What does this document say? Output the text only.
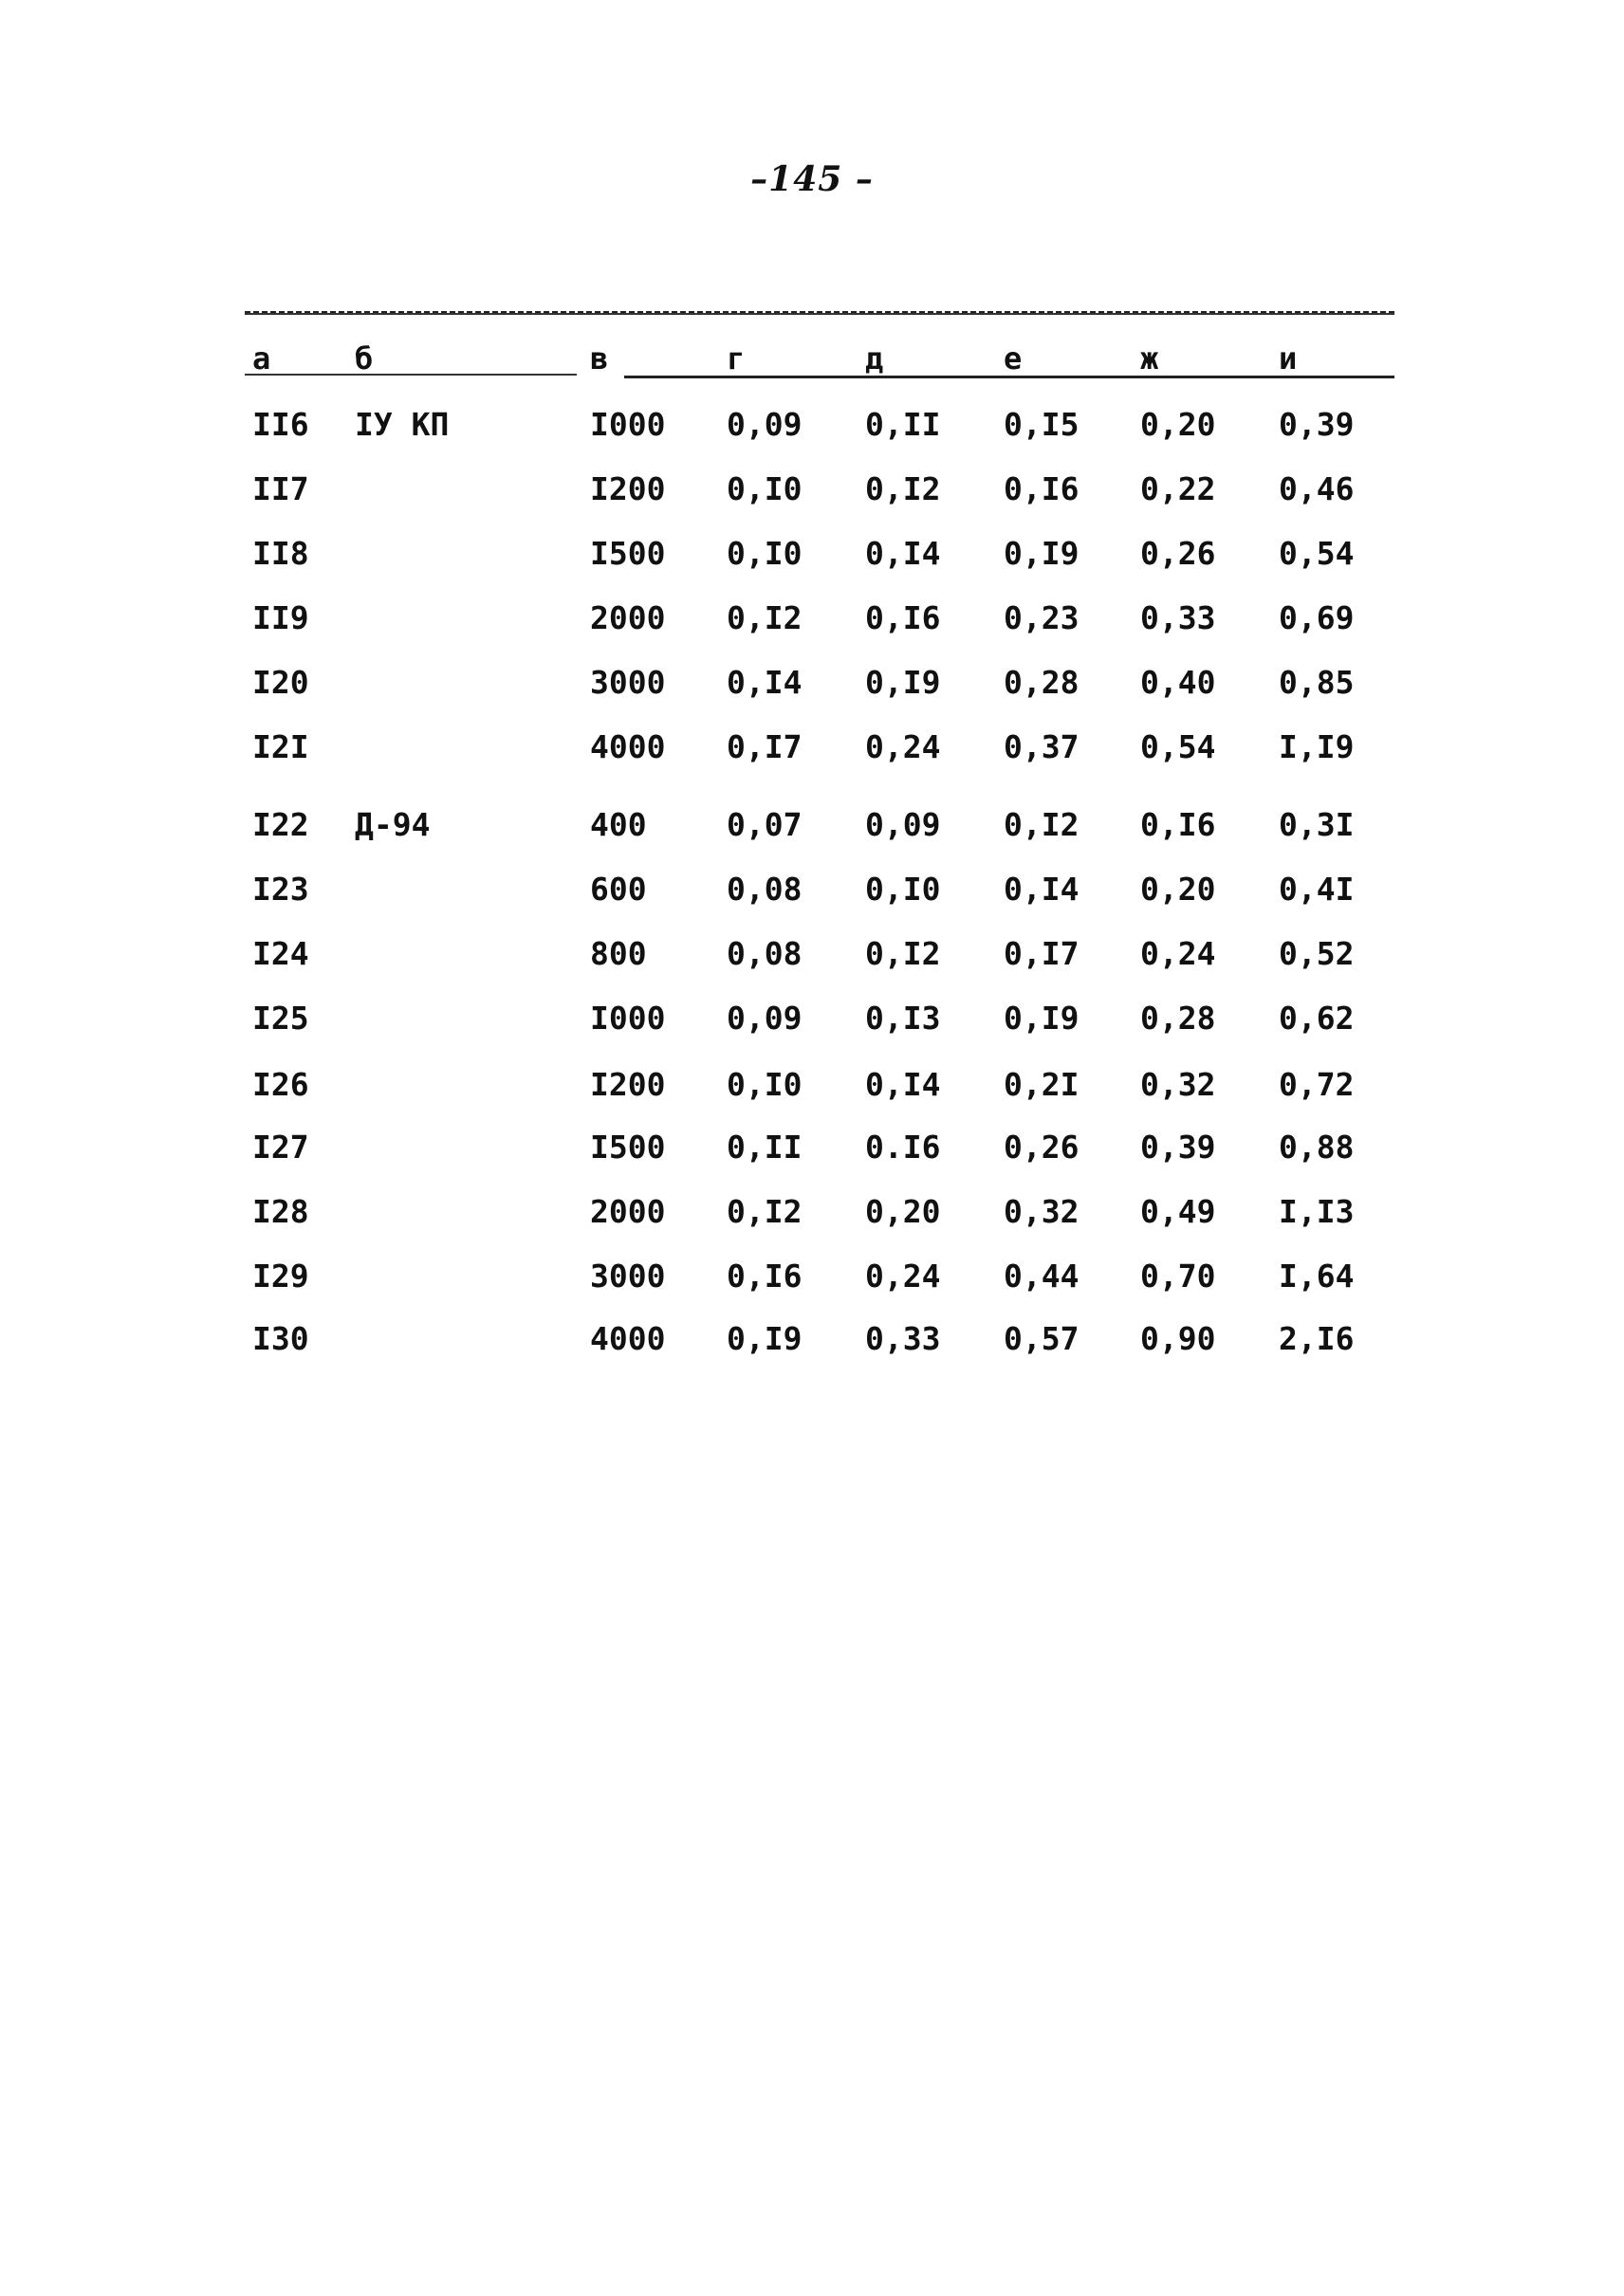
–145 –
а	б	в	г	д	е	ж	и
II6 IУ КП	I000 0,09 0,II 0,I5 0,20 0,39
II7	I200 0,I0 0,I2 0,I6 0,22 0,46
II8	I500 0,I0 0,I4 0,I9 0,26 0,54
II9	2000 0,I2 0,I6 0,23 0,33 0,69
I20	3000 0,I4 0,I9 0,28 0,40 0,85
I2I	4000 0,I7 0,24 0,37 0,54 I,I9
I22 Д-94	400	0,07 0,09 0,I2 0,I6 0,3I
I23	600	0,08 0,I0 0,I4 0,20 0,4I
I24	800	0,08 0,I2 0,I7 0,24 0,52
I25	I000 0,09 0,I3 0,I9 0,28 0,62
I26	I200 0,I0 0,I4 0,2I 0,32 0,72
I27	I500 0,II 0.I6 0,26 0,39 0,88
I28	2000 0,I2 0,20 0,32 0,49 I,I3
I29	3000 0,I6 0,24 0,44 0,70 I,64
I30	4000 0,I9 0,33 0,57 0,90 2,I6
